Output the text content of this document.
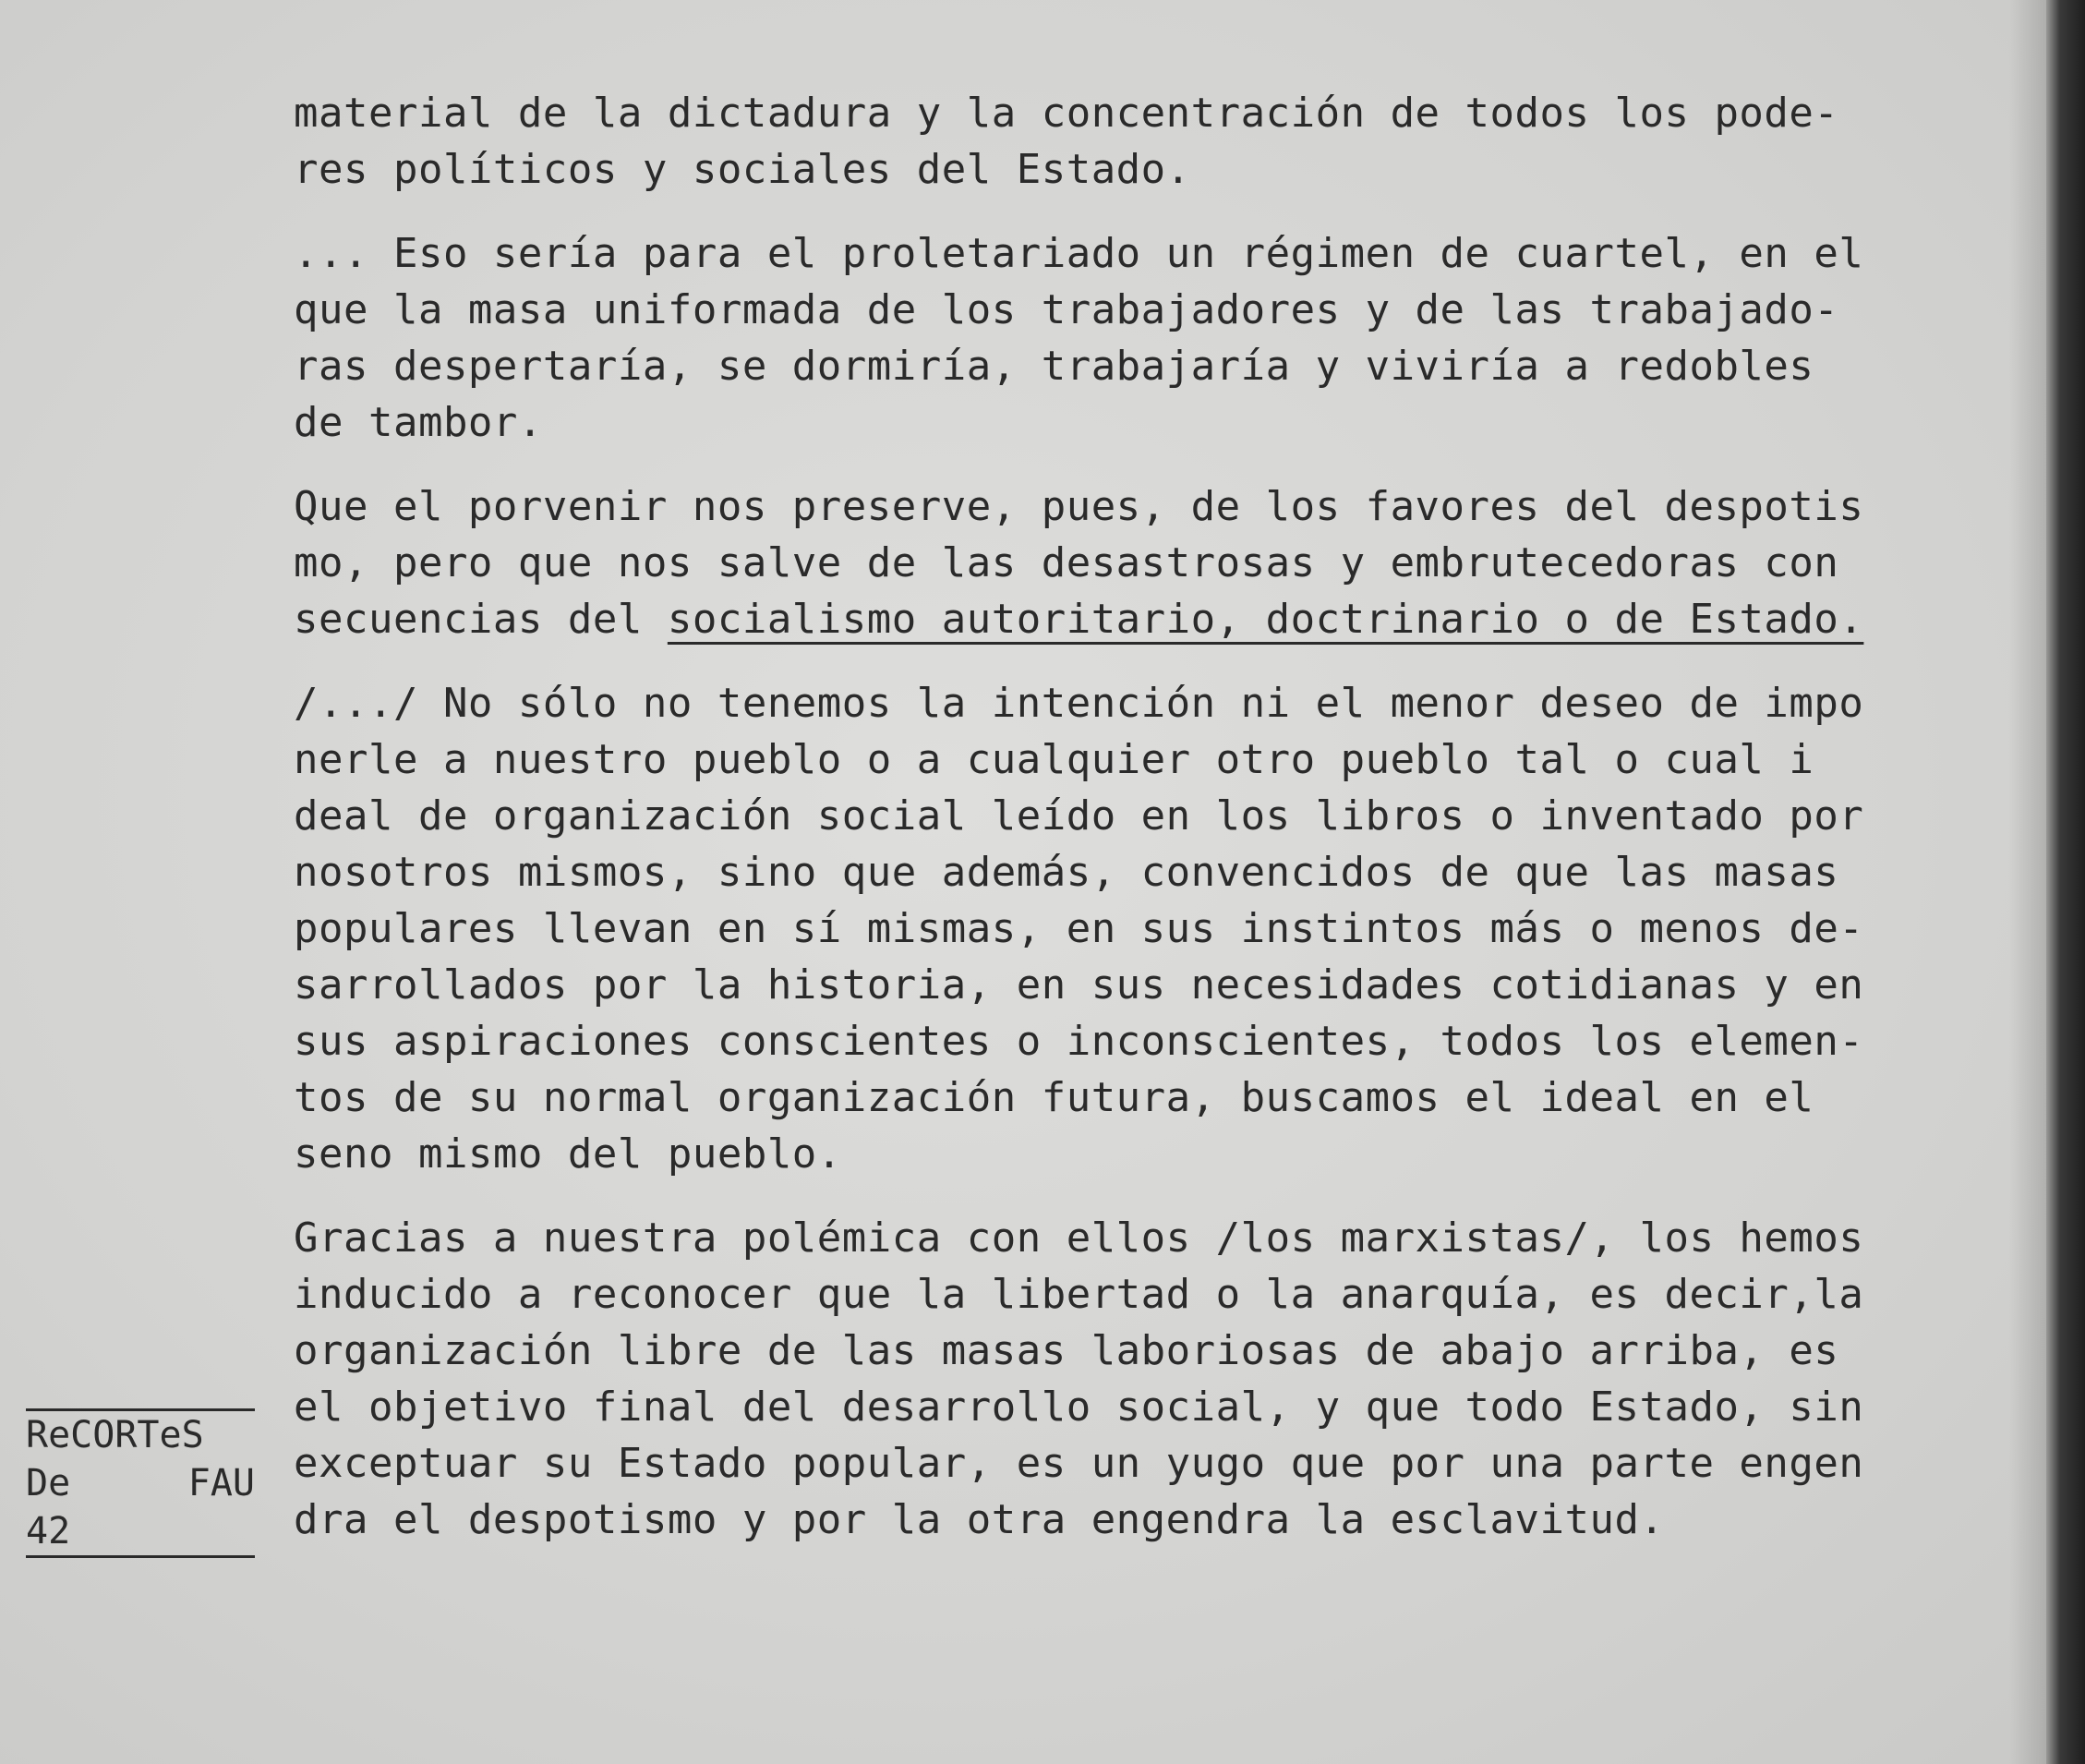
material de la dictadura y la concentración de todos los pode-
res políticos y sociales del Estado.
... Eso sería para el proletariado un régimen de cuartel, en el
que la masa uniformada de los trabajadores y de las trabajado-
ras despertaría, se dormiría, trabajaría y viviría a redobles
de tambor.
Que el porvenir nos preserve, pues, de los favores del despotis
mo, pero que nos salve de las desastrosas y embrutecedoras con
secuencias del socialismo autoritario, doctrinario o de Estado.
/.../ No sólo no tenemos la intención ni el menor deseo de impo
nerle a nuestro pueblo o a cualquier otro pueblo tal o cual i
deal de organización social leído en los libros o inventado por
nosotros mismos, sino que además, convencidos de que las masas
populares llevan en sí mismas, en sus instintos más o menos de-
sarrollados por la historia, en sus necesidades cotidianas y en
sus aspiraciones conscientes o inconscientes, todos los elemen-
tos de su normal organización futura, buscamos el ideal en el
seno mismo del pueblo.
Gracias a nuestra polémica con ellos /los marxistas/, los hemos
inducido a reconocer que la libertad o la anarquía, es decir,la
organización libre de las masas laboriosas de abajo arriba, es
el objetivo final del desarrollo social, y que todo Estado, sin
exceptuar su Estado popular, es un yugo que por una parte engen
dra el despotismo y por la otra engendra la esclavitud.
ReCORTeS
De	FAU
42
